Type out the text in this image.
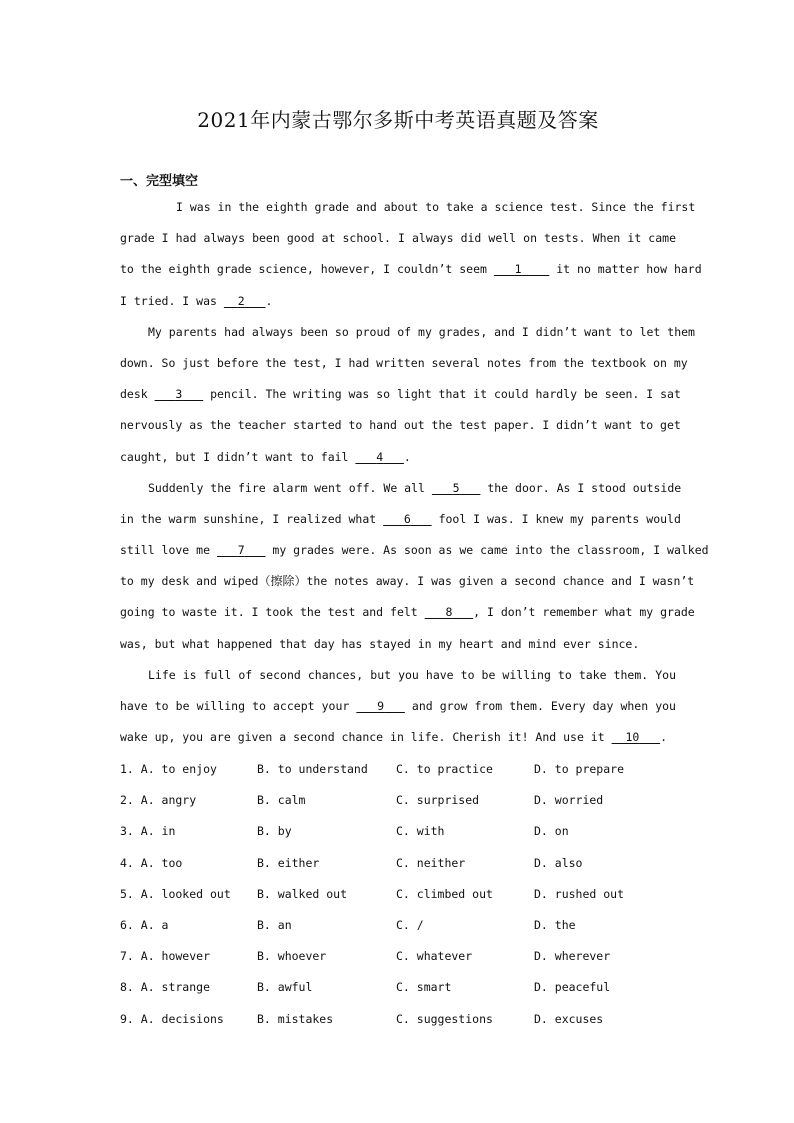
2021年内蒙古鄂尔多斯中考英语真题及答案
一、完型填空
I was in the eighth grade and about to take a science test. Since the first
grade I had always been good at school. I always did well on tests. When it came
to the eighth grade science, however, I couldn’t seem 1	it no matter how hard
I tried. I was 2 .
My parents had always been so proud of my grades, and I didn’t want to let them
down. So just before the test, I had written several notes from the textbook on my
desk 3 pencil. The writing was so light that it could hardly be seen. I sat
nervously as the teacher started to hand out the test paper. I didn’t want to get
caught, but I didn’t want to fail 4 .
Suddenly the fire alarm went off. We all 5 the door. As I stood outside
in the warm sunshine, I realized what 6 fool I was. I knew my parents would
still love me 7 my grades were. As soon as we came into the classroom, I walked
to my desk and wiped（擦除）the notes away. I was given a second chance and I wasn’t
going to waste it. I took the test and felt 8 , I don’t remember what my grade
was, but what happened that day has stayed in my heart and mind ever since.
Life is full of second chances, but you have to be willing to take them. You
have to be willing to accept your 9 and grow from them. Every day when you
wake up, you are given a second chance in life. Cherish it! And use it 10 .
1. A. to enjoy	B. to understand C. to practice	D. to prepare
2. A. angry	B. calm	C. surprised	D. worried
3. A. in	B. by	C. with	D. on
4. A. too	B. either	C. neither	D. also
5. A. looked out B. walked out	C. climbed out	D. rushed out
6. A. a	B. an	C. /	D. the
7. A. however	B. whoever	C. whatever	D. wherever
8. A. strange	B. awful	C. smart	D. peaceful
9. A. decisions	B. mistakes	C. suggestions	D. excuses
